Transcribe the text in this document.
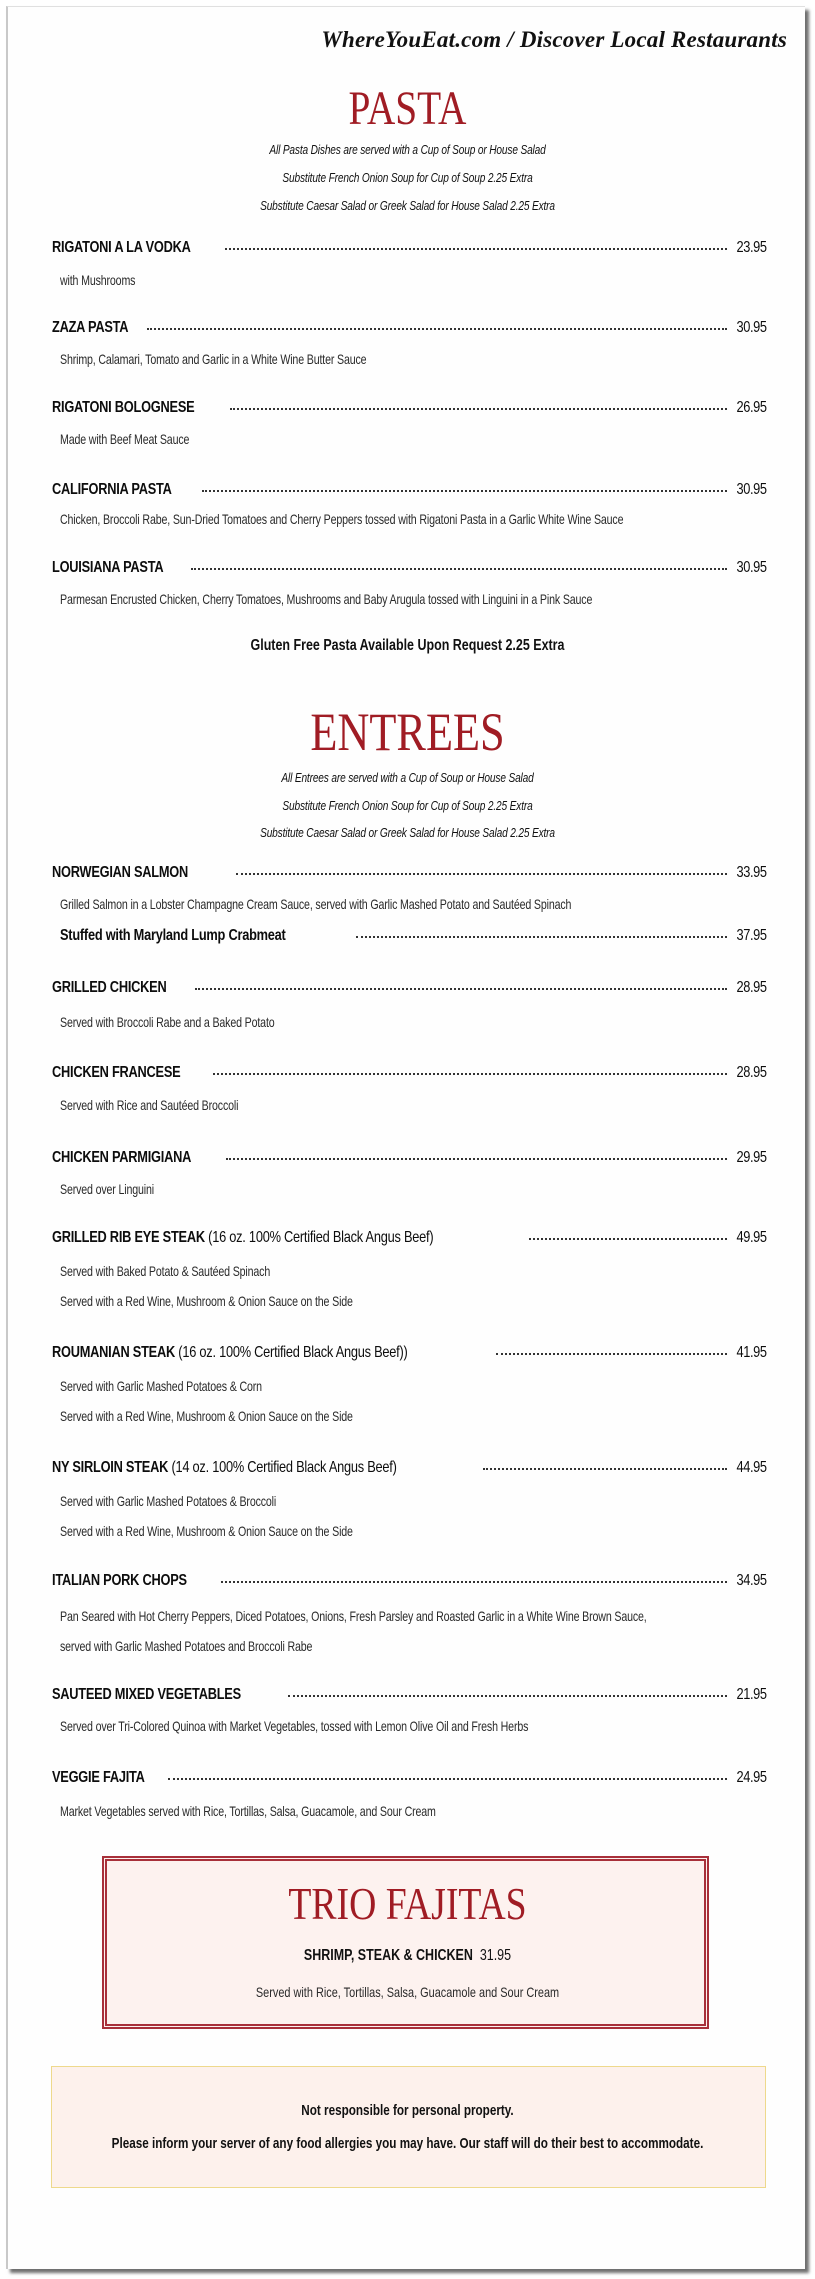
WhereYouEat.com / Discover Local Restaurants
PASTA
All Pasta Dishes are served with a Cup of Soup or House Salad
Substitute French Onion Soup for Cup of Soup 2.25 Extra
Substitute Caesar Salad or Greek Salad for House Salad 2.25 Extra
RIGATONI A LA VODKA	23.95
with Mushrooms
ZAZA PASTA	30.95
Shrimp, Calamari, Tomato and Garlic in a White Wine Butter Sauce
RIGATONI BOLOGNESE	26.95
Made with Beef Meat Sauce
CALIFORNIA PASTA	30.95
Chicken, Broccoli Rabe, Sun-Dried Tomatoes and Cherry Peppers tossed with Rigatoni Pasta in a Garlic White Wine Sauce
LOUISIANA PASTA	30.95
Parmesan Encrusted Chicken, Cherry Tomatoes, Mushrooms and Baby Arugula tossed with Linguini in a Pink Sauce
Gluten Free Pasta Available Upon Request 2.25 Extra
ENTREES
All Entrees are served with a Cup of Soup or House Salad
Substitute French Onion Soup for Cup of Soup 2.25 Extra
Substitute Caesar Salad or Greek Salad for House Salad 2.25 Extra
NORWEGIAN SALMON	33.95
Grilled Salmon in a Lobster Champagne Cream Sauce, served with Garlic Mashed Potato and Sautéed Spinach
Stuffed with Maryland Lump Crabmeat	37.95
GRILLED CHICKEN	28.95
Served with Broccoli Rabe and a Baked Potato
CHICKEN FRANCESE	28.95
Served with Rice and Sautéed Broccoli
CHICKEN PARMIGIANA	29.95
Served over Linguini
GRILLED RIB EYE STEAK (16 oz. 100% Certified Black Angus Beef)	49.95
Served with Baked Potato & Sautéed Spinach
Served with a Red Wine, Mushroom & Onion Sauce on the Side
ROUMANIAN STEAK (16 oz. 100% Certified Black Angus Beef))	41.95
Served with Garlic Mashed Potatoes & Corn
Served with a Red Wine, Mushroom & Onion Sauce on the Side
NY SIRLOIN STEAK (14 oz. 100% Certified Black Angus Beef)	44.95
Served with Garlic Mashed Potatoes & Broccoli
Served with a Red Wine, Mushroom & Onion Sauce on the Side
ITALIAN PORK CHOPS	34.95
Pan Seared with Hot Cherry Peppers, Diced Potatoes, Onions, Fresh Parsley and Roasted Garlic in a White Wine Brown Sauce,
served with Garlic Mashed Potatoes and Broccoli Rabe
SAUTEED MIXED VEGETABLES	21.95
Served over Tri-Colored Quinoa with Market Vegetables, tossed with Lemon Olive Oil and Fresh Herbs
VEGGIE FAJITA	24.95
Market Vegetables served with Rice, Tortillas, Salsa, Guacamole, and Sour Cream
TRIO FAJITAS
SHRIMP, STEAK & CHICKEN 31.95
Served with Rice, Tortillas, Salsa, Guacamole and Sour Cream
Not responsible for personal property.
Please inform your server of any food allergies you may have. Our staff will do their best to accommodate.
